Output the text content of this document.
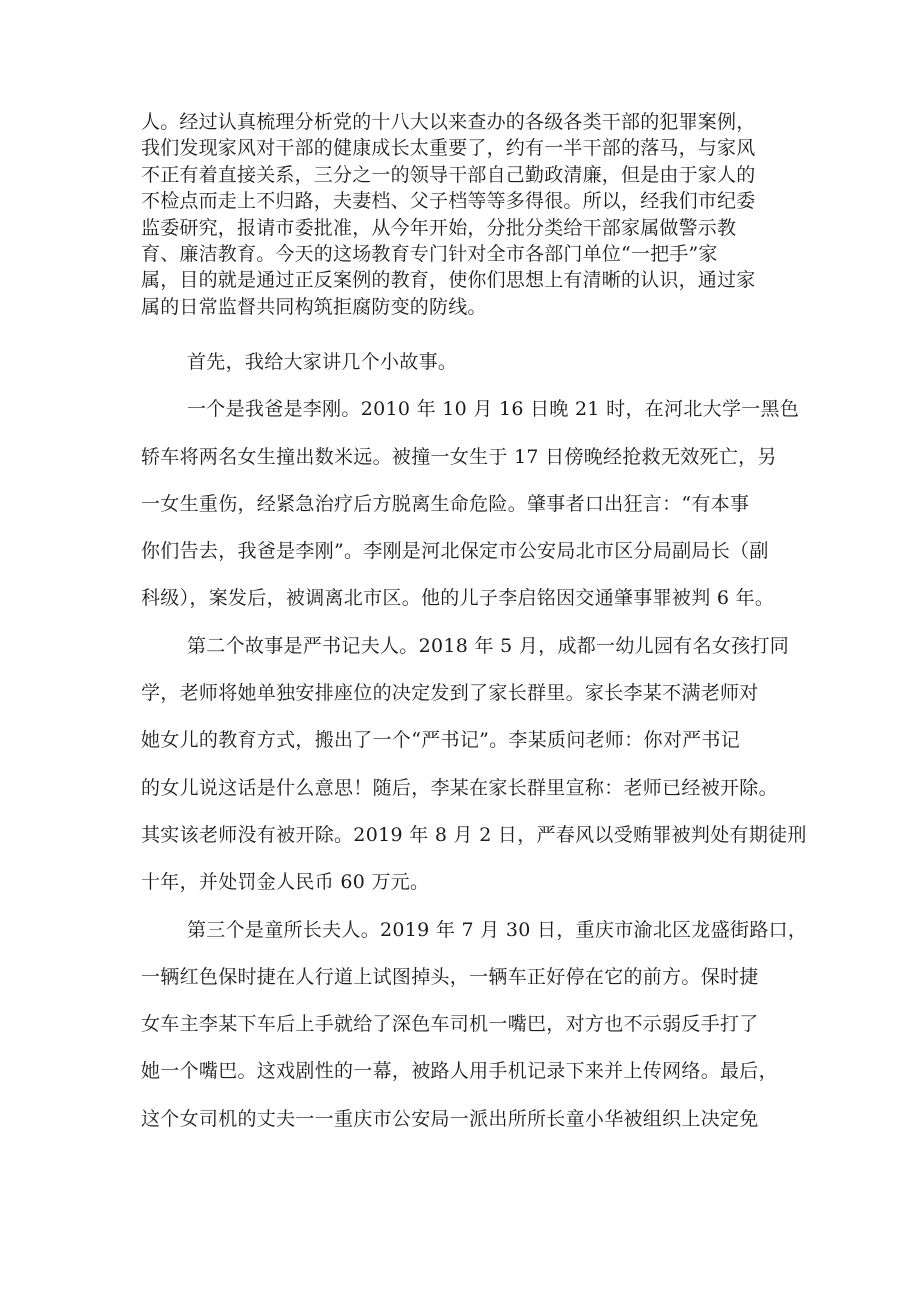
人。经过认真梳理分析党的十八大以来查办的各级各类干部的犯罪案例，
我们发现家风对干部的健康成长太重要了，约有一半干部的落马，与家风
不正有着直接关系，三分之一的领导干部自己勤政清廉，但是由于家人的
不检点而走上不归路，夫妻档、父子档等等多得很。所以，经我们市纪委
监委研究，报请市委批准，从今年开始，分批分类给干部家属做警示教
育、廉洁教育。今天的这场教育专门针对全市各部门单位“一把手”家
属，目的就是通过正反案例的教育，使你们思想上有清晰的认识，通过家
属的日常监督共同构筑拒腐防变的防线。
首先，我给大家讲几个小故事。
一个是我爸是李刚。2010 年 10 月 16 日晚 21 时，在河北大学一黑色
轿车将两名女生撞出数米远。被撞一女生于 17 日傍晚经抢救无效死亡，另
一女生重伤，经紧急治疗后方脱离生命危险。肇事者口出狂言：“有本事
你们告去，我爸是李刚”。李刚是河北保定市公安局北市区分局副局长（副
科级），案发后，被调离北市区。他的儿子李启铭因交通肇事罪被判 6 年。
第二个故事是严书记夫人。2018 年 5 月，成都一幼儿园有名女孩打同
学，老师将她单独安排座位的决定发到了家长群里。家长李某不满老师对
她女儿的教育方式，搬出了一个“严书记”。李某质问老师：你对严书记
的女儿说这话是什么意思！随后，李某在家长群里宣称：老师已经被开除。
其实该老师没有被开除。2019 年 8 月 2 日，严春风以受贿罪被判处有期徒刑
十年，并处罚金人民币 60 万元。
第三个是童所长夫人。2019 年 7 月 30 日，重庆市渝北区龙盛街路口，
一辆红色保时捷在人行道上试图掉头，一辆车正好停在它的前方。保时捷
女车主李某下车后上手就给了深色车司机一嘴巴，对方也不示弱反手打了
她一个嘴巴。这戏剧性的一幕，被路人用手机记录下来并上传网络。最后，
这个女司机的丈夫一一重庆市公安局一派出所所长童小华被组织上决定免
